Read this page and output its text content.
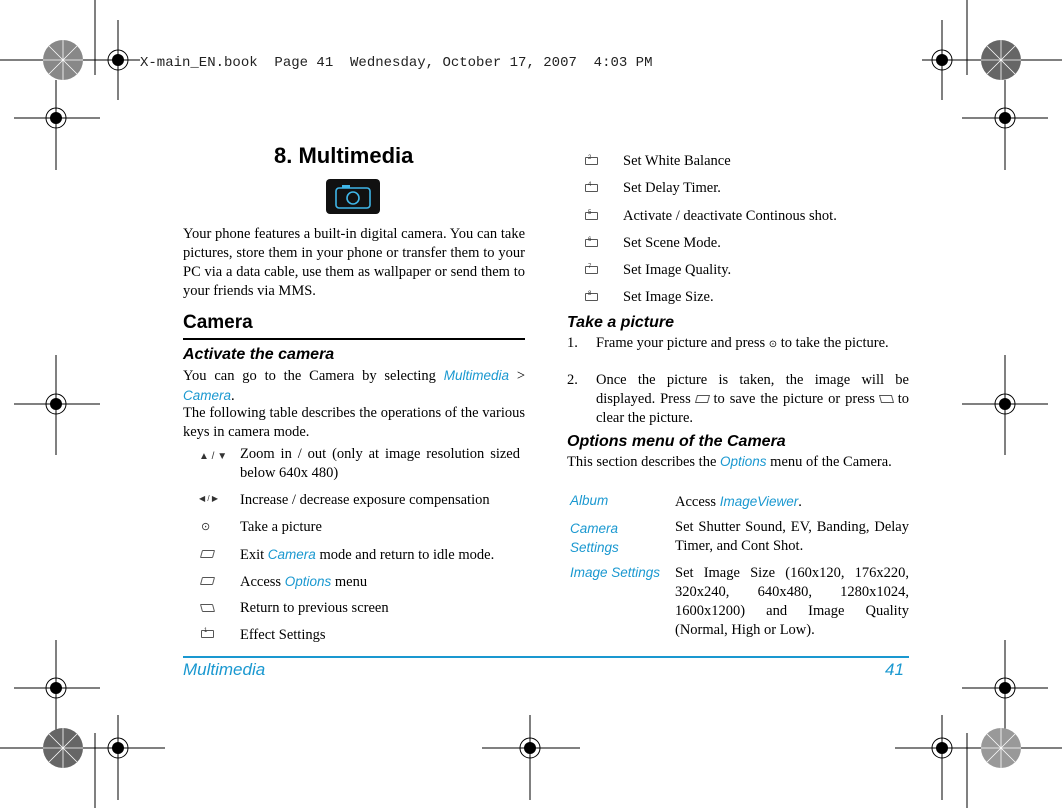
X-main_EN.book  Page 41  Wednesday, October 17, 2007  4:03 PM
8. Multimedia
Your phone features a built-in digital camera. You can take pictures, store them in your phone or transfer them to your PC via a data cable, use them as wallpaper or send them to your friends via MMS.
Camera
Activate the camera
You can go to the Camera by selecting Multimedia > Camera.
The following table describes the operations of the various keys in camera mode.
▲ / ▼ Zoom in / out (only at image resolution sized below 640x 480)
◀ / ▶ Increase / decrease exposure compensation
⊙ Take a picture
Exit Camera mode and return to idle mode.
Access Options menu
Return to previous screen
1 Effect Settings
2 Set White Balance
4 Set Delay Timer.
5 Activate / deactivate Continous shot.
6 Set Scene Mode.
7 Set Image Quality.
8 Set Image Size.
Take a picture
1. Frame your picture and press ⊙ to take the picture.
2. Once the picture is taken, the image will be displayed. Press to save the picture or press to clear the picture.
Options menu of the Camera
This section describes the Options menu of the Camera.
Album	Access ImageViewer.
Camera Settings
Set Shutter Sound, EV, Banding, Delay Timer, and Cont Shot.
Image Settings Set Image Size (160x120, 176x220, 320x240, 640x480, 1280x1024, 1600x1200) and Image Quality (Normal, High or Low).
Multimedia	41
